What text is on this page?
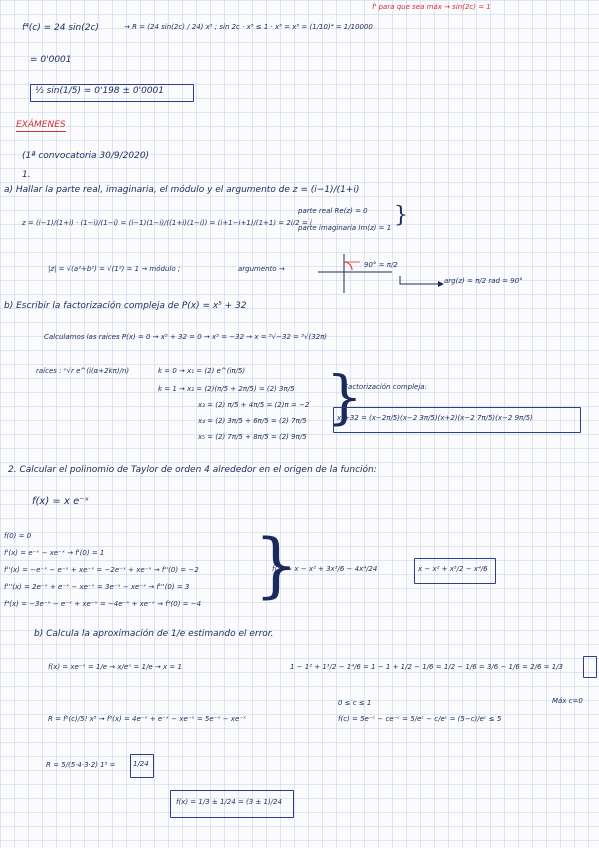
f⁴(c) = 24 sin(2c)	→ R = (24 sin(2c) / 24) x⁵ ; sin 2c · x⁵ ≤ 1 · x⁵ = x⁵ = (1/10)⁴ = 1/10000
f' para que sea máx → sin(2c) = 1
= 0'0001
½ sin(1/5) = 0'198 ± 0'0001
EXÁMENES
(1ª convocatoria 30/9/2020)
1.
a) Hallar la parte real, imaginaria, el módulo y el argumento de z = (i−1)/(1+i)
z = (i−1)/(1+i) · (1−i)/(1−i) = (i−1)(1−i)/((1+i)(1−i)) = (i+1−i+1)/(1+1) = 2i/2 = i
parte real Re(z) = 0
parte imaginaria Im(z) = 1 }
|z| = √(a²+b²) = √(1²) = 1 → módulo ;	argumento →	90° = π/2
arg(z) = π/2 rad = 90°
b) Escribir la factorización compleja de P(x) = x⁵ + 32
Calculamos las raíces P(x) = 0 → x⁵ + 32 = 0 → x⁵ = −32 → x = ⁵√−32 = ⁵√(32π)
raíces : ⁿ√r e^(i(α+2kπ)/n)	k = 0 → x₁ = (2) e^(iπ/5)
k = 1 → x₂ = (2)(π/5 + 2π/5) = (2) 3π/5
x₃ = (2) π/5 + 4π/5 = (2)π = −2
x₄ = (2) 3π/5 + 6π/5 = (2) 7π/5
x₅ = (2) 7π/5 + 8π/5 = (2) 9π/5
}
Factorización compleja:
x⁵+32 = (x−2π/5)(x−2 3π/5)(x+2)(x−2 7π/5)(x−2 9π/5)
2. Calcular el polinomio de Taylor de orden 4 alrededor en el origen de la función:
f(x) = x e⁻ˣ
f(0) = 0
f'(x) = e⁻ˣ − xe⁻ˣ → f'(0) = 1
f''(x) = −e⁻ˣ − e⁻ˣ + xe⁻ˣ = −2e⁻ˣ + xe⁻ˣ → f''(0) = −2
f'''(x) = 2e⁻ˣ + e⁻ˣ − xe⁻ˣ = 3e⁻ˣ − xe⁻ˣ → f'''(0) = 3
f⁴(x) = −3e⁻ˣ − e⁻ˣ + xe⁻ˣ = −4e⁻ˣ + xe⁻ˣ → f⁴(0) = −4 }
f(x) ≈ x − x² + 3x³/6 − 4x⁴/24	x − x² + x³/2 − x⁴/6
b) Calcula la aproximación de 1/e estimando el error.
f(x) = xe⁻ˣ = 1/e → x/eˣ = 1/e → x = 1	1 − 1² + 1³/2 − 1⁴/6 = 1 − 1 + 1/2 − 1/6 = 1/2 − 1/6 = 3/6 − 1/6 = 2/6 = 1/3
Máx c=0
R = f⁵(c)/5! x⁵ → f⁵(x) = 4e⁻ˣ + e⁻ˣ − xe⁻ˣ = 5e⁻ˣ − xe⁻ˣ
0 ≤ c ≤ 1
f(c) = 5e⁻ᶜ − ce⁻ᶜ = 5/eᶜ − c/eᶜ = (5−c)/eᶜ ≤ 5
R = 5/(5·4·3·2) 1⁵ = 1/24
f(x) = 1/3 ± 1/24 = (3 ± 1)/24
